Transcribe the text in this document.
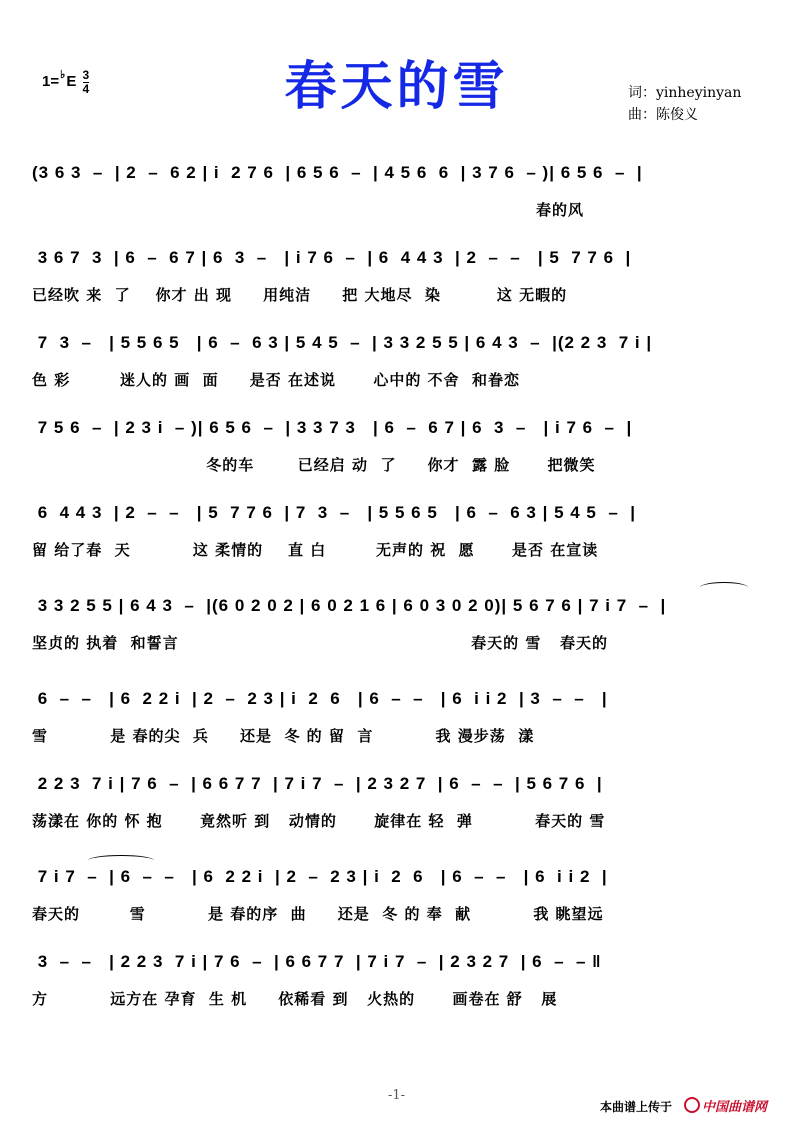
$1=^♭E \frac{3}{4}$	春天的雪	词：yinheyinyan
曲：陈俊义
(3 6 3  –  | 2  –  6 2 | i  2 7 6  | 6 5 6  –  | 4 5 6  6  | 3 7 6  – )| 6 5 6  –  |
春的风
3 6 7  3  | 6  –  6 7 | 6  3  –   | i 7 6  –  | 6  4 4 3  | 2  –  –   | 5  7 7 6  |
已经吹 来  了    你才 出 现     用纯洁     把 大地尽  染         这 无暇的
7  3  –   | 5 5 6 5   | 6  –  6 3 | 5 4 5  –  | 3 3 2 5 5 | 6 4 3  –  |(2 2 3  7 i |
色 彩        迷人的 画  面     是否 在述说      心中的 不舍  和眷恋
7 5 6  –  | 2 3 i  – )| 6 5 6  –  | 3 3 7 3   | 6  –  6 7 | 6  3  –   | i 7 6  –  |
冬的车       已经启 动  了     你才  露 脸      把微笑
6  4 4 3  | 2  –  –   | 5  7 7 6  | 7  3  –   | 5 5 6 5   | 6  –  6 3 | 5 4 5  –  |
留 给了春  天          这 柔情的    直 白        无声的 祝  愿      是否 在宣读
3 3 2 5 5 | 6 4 3  –  |(6 0 2 0 2 | 6 0 2 1 6 | 6 0 3 0 2 0)| 5 6 7 6 | 7 i 7  –  |
坚贞的 执着  和誓言                                               春天的 雪   春天的
6  –  –   | 6  2 2 i  | 2  –  2 3 | i  2  6   | 6  –  –   | 6  i i 2  | 3  –  –   |
雪          是 春的尖  兵     还是  冬 的 留  言          我 漫步荡  漾
2 2 3  7 i | 7 6  –  | 6 6 7 7  | 7 i 7  –  | 2 3 2 7  | 6  –  –  | 5 6 7 6  |
荡漾在 你的 怀 抱      竟然听 到   动情的      旋律在 轻  弹          春天的 雪
7 i 7  –  | 6  –  –   | 6  2 2 i  | 2  –  2 3 | i  2  6   | 6  –  –   | 6  i i 2  |
春天的        雪          是 春的序  曲     还是  冬 的 奉  献          我 眺望远
3  –  –   | 2 2 3  7 i | 7 6  –  | 6 6 7 7  | 7 i 7  –  | 2 3 2 7  | 6  –  – ‖
方          远方在 孕育  生 机     依稀看 到   火热的      画卷在 舒   展
-1-
本曲谱上传于	中国曲谱网
